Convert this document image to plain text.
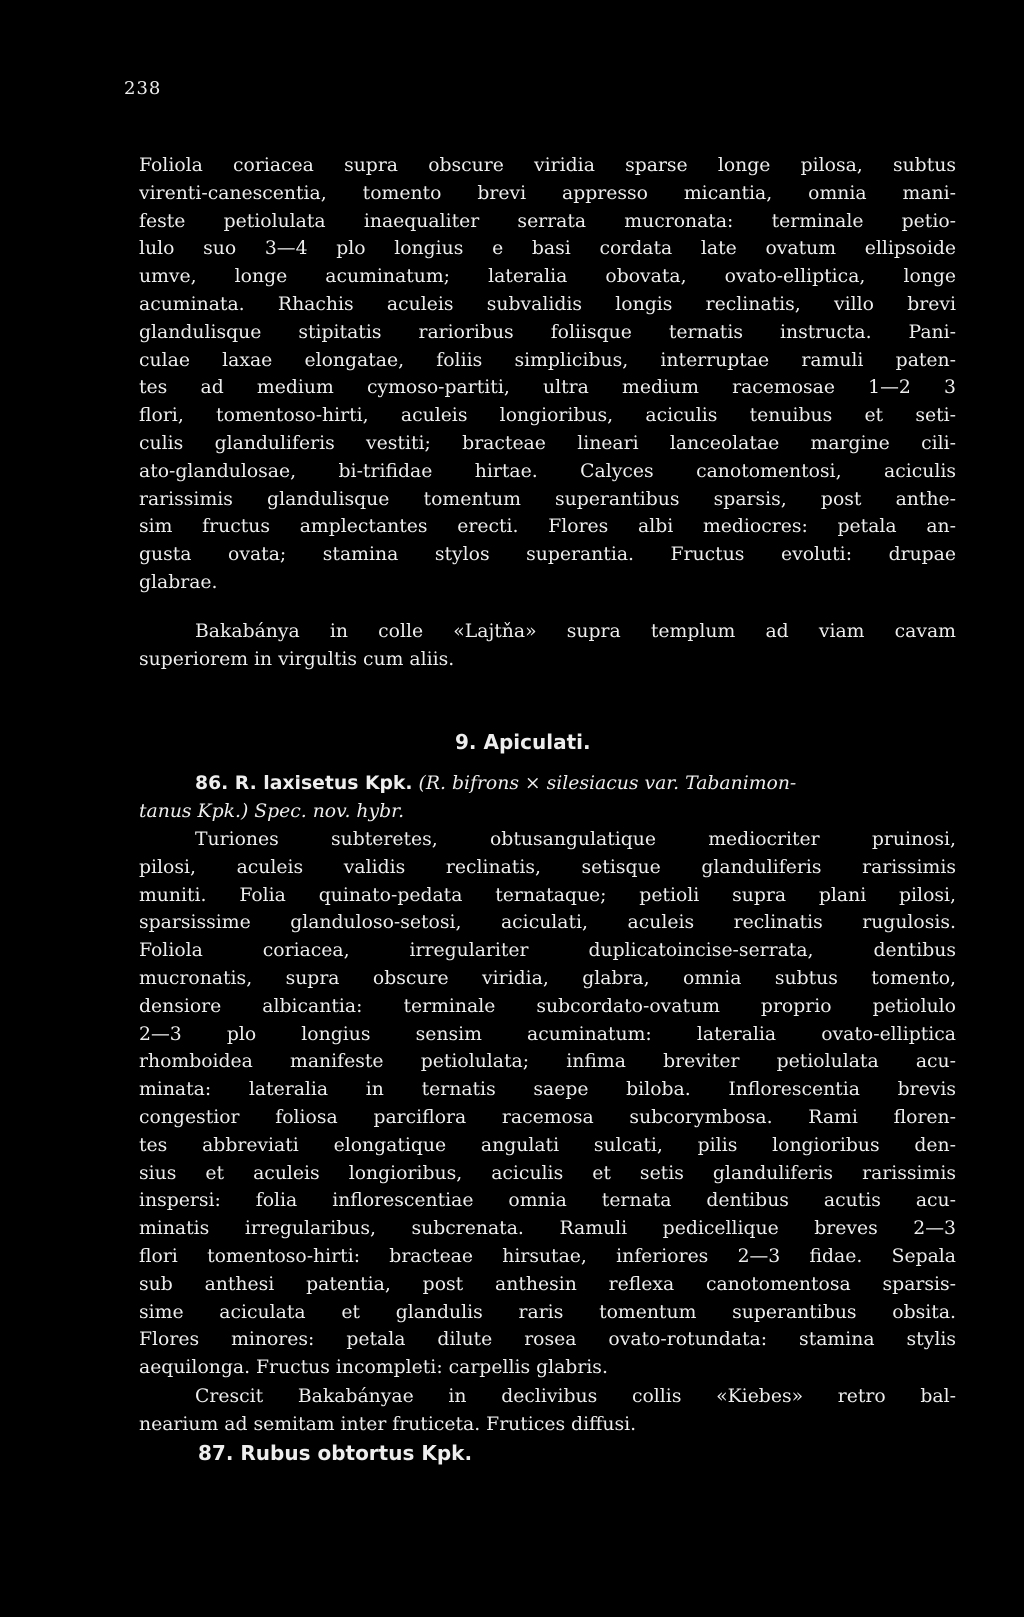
238
Foliola coriacea supra obscure viridia sparse longe pilosa, subtus
virenti-canescentia, tomento brevi appresso micantia, omnia mani-
feste petiolulata inaequaliter serrata mucronata: terminale petio-
lulo suo 3—4 plo longius e basi cordata late ovatum ellipsoide
umve, longe acuminatum; lateralia obovata, ovato-elliptica, longe
acuminata. Rhachis aculeis subvalidis longis reclinatis, villo brevi
glandulisque stipitatis rarioribus foliisque ternatis instructa. Pani-
culae laxae elongatae, foliis simplicibus, interruptae ramuli paten-
tes ad medium cymoso-partiti, ultra medium racemosae 1—2 3
flori, tomentoso-hirti, aculeis longioribus, aciculis tenuibus et seti-
culis glanduliferis vestiti; bracteae lineari lanceolatae margine cili-
ato-glandulosae, bi-trifidae hirtae. Calyces canotomentosi, aciculis
rarissimis glandulisque tomentum superantibus sparsis, post anthe-
sim fructus amplectantes erecti. Flores albi mediocres: petala an-
gusta ovata; stamina stylos superantia. Fructus evoluti: drupae
glabrae.
Bakabánya in colle «Lajtňa» supra templum ad viam cavam
superiorem in virgultis cum aliis.
9. Apiculati.
86. R. laxisetus Kpk. (R. bifrons × silesiacus var. Tabanimon-
tanus Kpk.) Spec. nov. hybr.
Turiones subteretes, obtusangulatique mediocriter pruinosi,
pilosi, aculeis validis reclinatis, setisque glanduliferis rarissimis
muniti. Folia quinato-pedata ternataque; petioli supra plani pilosi,
sparsissime glanduloso-setosi, aciculati, aculeis reclinatis rugulosis.
Foliola coriacea, irregulariter duplicatoincise-serrata, dentibus
mucronatis, supra obscure viridia, glabra, omnia subtus tomento,
densiore albicantia: terminale subcordato-ovatum proprio petiolulo
2—3 plo longius sensim acuminatum: lateralia ovato-elliptica
rhomboidea manifeste petiolulata; infima breviter petiolulata acu-
minata: lateralia in ternatis saepe biloba. Inflorescentia brevis
congestior foliosa parciflora racemosa subcorymbosa. Rami floren-
tes abbreviati elongatique angulati sulcati, pilis longioribus den-
sius et aculeis longioribus, aciculis et setis glanduliferis rarissimis
inspersi: folia inflorescentiae omnia ternata dentibus acutis acu-
minatis irregularibus, subcrenata. Ramuli pedicellique breves 2—3
flori tomentoso-hirti: bracteae hirsutae, inferiores 2—3 fidae. Sepala
sub anthesi patentia, post anthesin reflexa canotomentosa sparsis-
sime aciculata et glandulis raris tomentum superantibus obsita.
Flores minores: petala dilute rosea ovato-rotundata: stamina stylis
aequilonga. Fructus incompleti: carpellis glabris.
Crescit Bakabányae in declivibus collis «Kiebes» retro bal-
nearium ad semitam inter fruticeta. Frutices diffusi.
87. Rubus obtortus Kpk.
